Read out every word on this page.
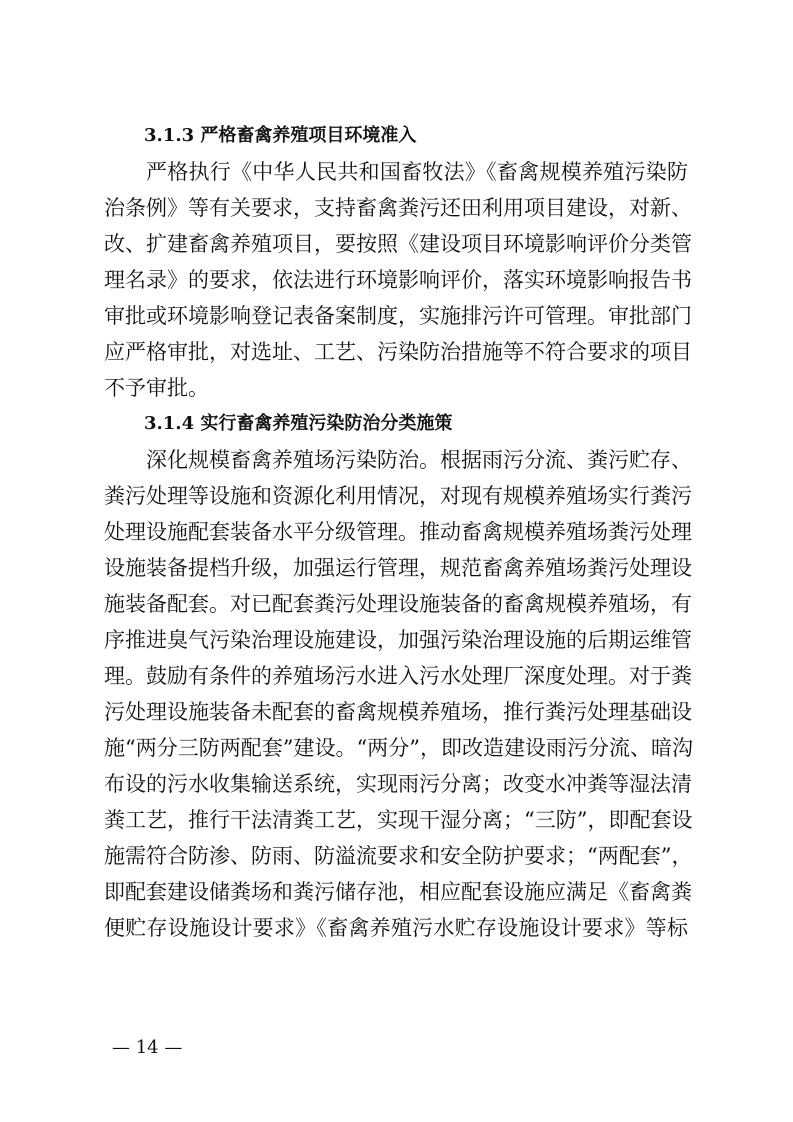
3.1.3 严格畜禽养殖项目环境准入

严格执行《中华人民共和国畜牧法》《畜禽规模养殖污染防
治条例》等有关要求，支持畜禽粪污还田利用项目建设，对新、
改、扩建畜禽养殖项目，要按照《建设项目环境影响评价分类管
理名录》的要求，依法进行环境影响评价，落实环境影响报告书
审批或环境影响登记表备案制度，实施排污许可管理。审批部门
应严格审批，对选址、工艺、污染防治措施等不符合要求的项目
不予审批。

3.1.4 实行畜禽养殖污染防治分类施策

深化规模畜禽养殖场污染防治。根据雨污分流、粪污贮存、
粪污处理等设施和资源化利用情况，对现有规模养殖场实行粪污
处理设施配套装备水平分级管理。推动畜禽规模养殖场粪污处理
设施装备提档升级，加强运行管理，规范畜禽养殖场粪污处理设
施装备配套。对已配套粪污处理设施装备的畜禽规模养殖场，有
序推进臭气污染治理设施建设，加强污染治理设施的后期运维管
理。鼓励有条件的养殖场污水进入污水处理厂深度处理。对于粪
污处理设施装备未配套的畜禽规模养殖场，推行粪污处理基础设
施“两分三防两配套”建设。“两分”，即改造建设雨污分流、暗沟
布设的污水收集输送系统，实现雨污分离；改变水冲粪等湿法清
粪工艺，推行干法清粪工艺，实现干湿分离；“三防”，即配套设
施需符合防渗、防雨、防溢流要求和安全防护要求；“两配套”，
即配套建设储粪场和粪污储存池，相应配套设施应满足《畜禽粪
便贮存设施设计要求》《畜禽养殖污水贮存设施设计要求》等标

— 14 —
